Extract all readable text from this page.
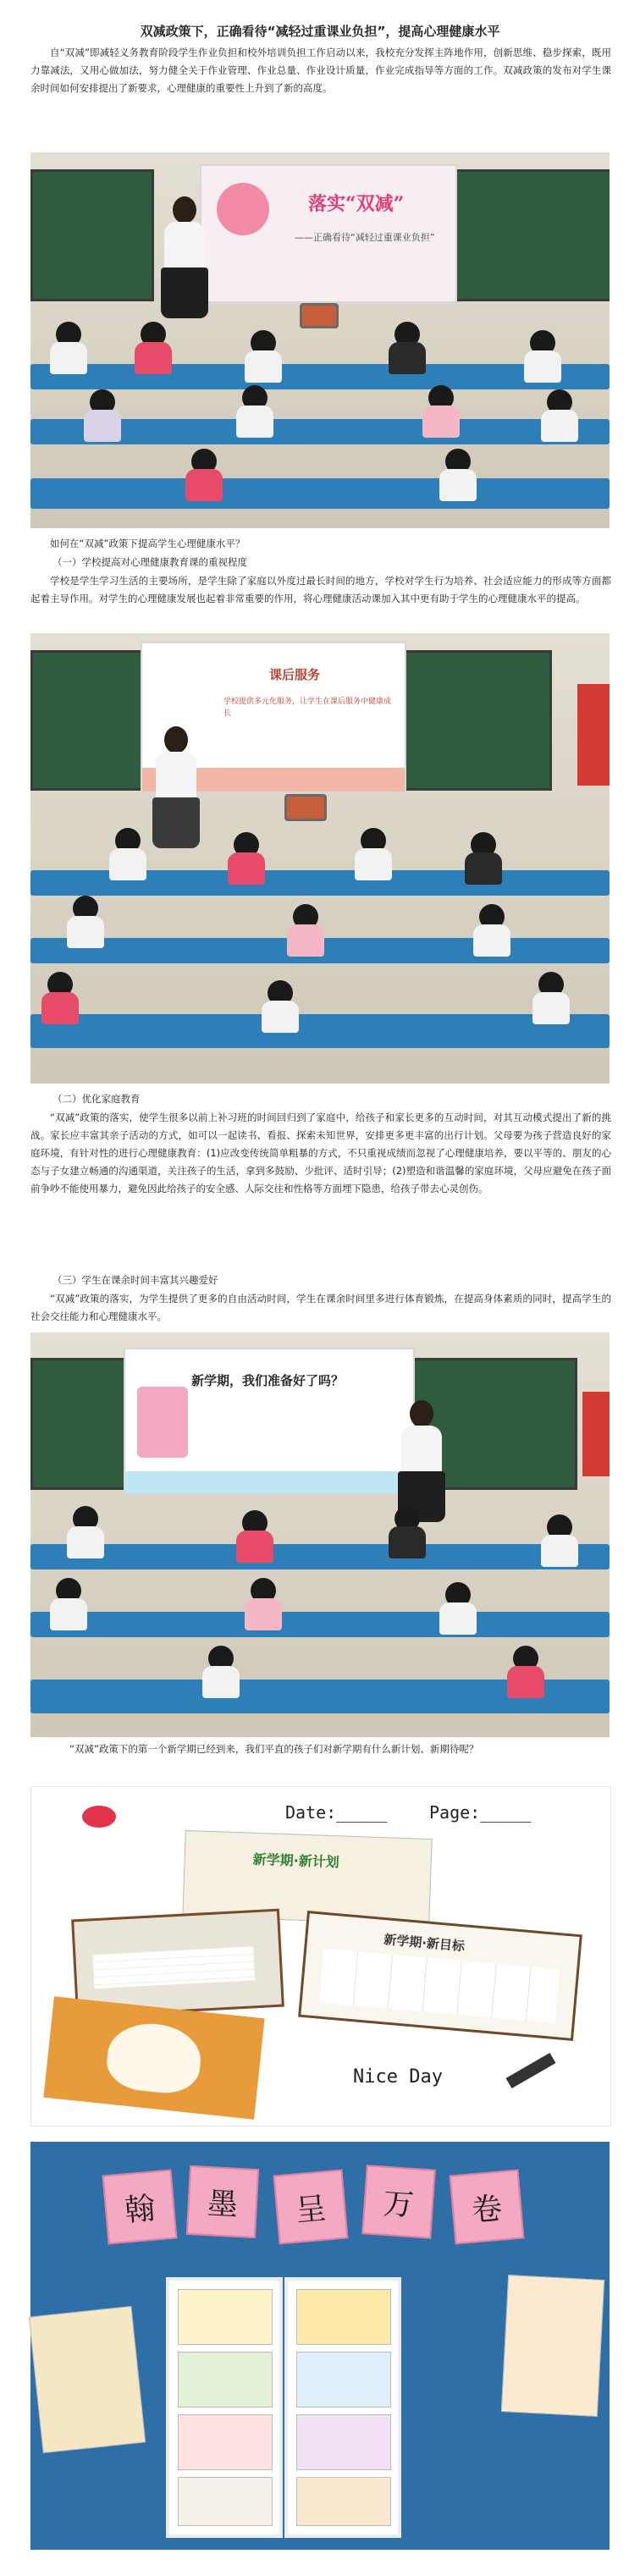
双减政策下，正确看待“减轻过重课业负担”，提高心理健康水平
自“双减”即减轻义务教育阶段学生作业负担和校外培训负担工作启动以来，我校充分发挥主阵地作用，创新思维、稳步探索，既用力靠减法，又用心做加法，努力健全关于作业管理、作业总量、作业设计质量，作业完成指导等方面的工作。双减政策的发布对学生课余时间如何安排提出了新要求，心理健康的重要性上升到了新的高度。
落实“双减”
——正确看待“减轻过重课业负担”
如何在“双减”政策下提高学生心理健康水平？
（一）学校提高对心理健康教育课的重视程度
学校是学生学习生活的主要场所，是学生除了家庭以外度过最长时间的地方，学校对学生行为培养、社会适应能力的形成等方面都起着主导作用。对学生的心理健康发展也起着非常重要的作用，将心理健康活动课加入其中更有助于学生的心理健康水平的提高。
课后服务
学校提供多元化服务，让学生在课后服务中健康成长
（二）优化家庭教育
“双减”政策的落实，使学生很多以前上补习班的时间回归到了家庭中，给孩子和家长更多的互动时间，对其互动模式提出了新的挑战。家长应丰富其亲子活动的方式，如可以一起读书、看报、探索未知世界，安排更多更丰富的出行计划。父母要为孩子营造良好的家庭环境，有针对性的进行心理健康教育：(1)应改变传统简单粗暴的方式，不只重视成绩而忽视了心理健康培养，要以平等的、朋友的心态与子女建立畅通的沟通渠道，关注孩子的生活，拿到多鼓励、少批评、适时引导；(2)塑造和谐温馨的家庭环境，父母应避免在孩子面前争吵不能使用暴力，避免因此给孩子的安全感、人际交往和性格等方面埋下隐患，给孩子带去心灵创伤。
（三）学生在课余时间丰富其兴趣爱好
“双减”政策的落实，为学生提供了更多的自由活动时间，学生在课余时间里多进行体育锻炼，在提高身体素质的同时，提高学生的社会交往能力和心理健康水平。
新学期，我们准备好了吗？
“双减”政策下的第一个新学期已经到来，我们平直的孩子们对新学期有什么新计划、新期待呢？
Date:_____ Page:_____
新学期·新计划
新学期·新目标
Nice Day
翰	墨	呈	万	卷
